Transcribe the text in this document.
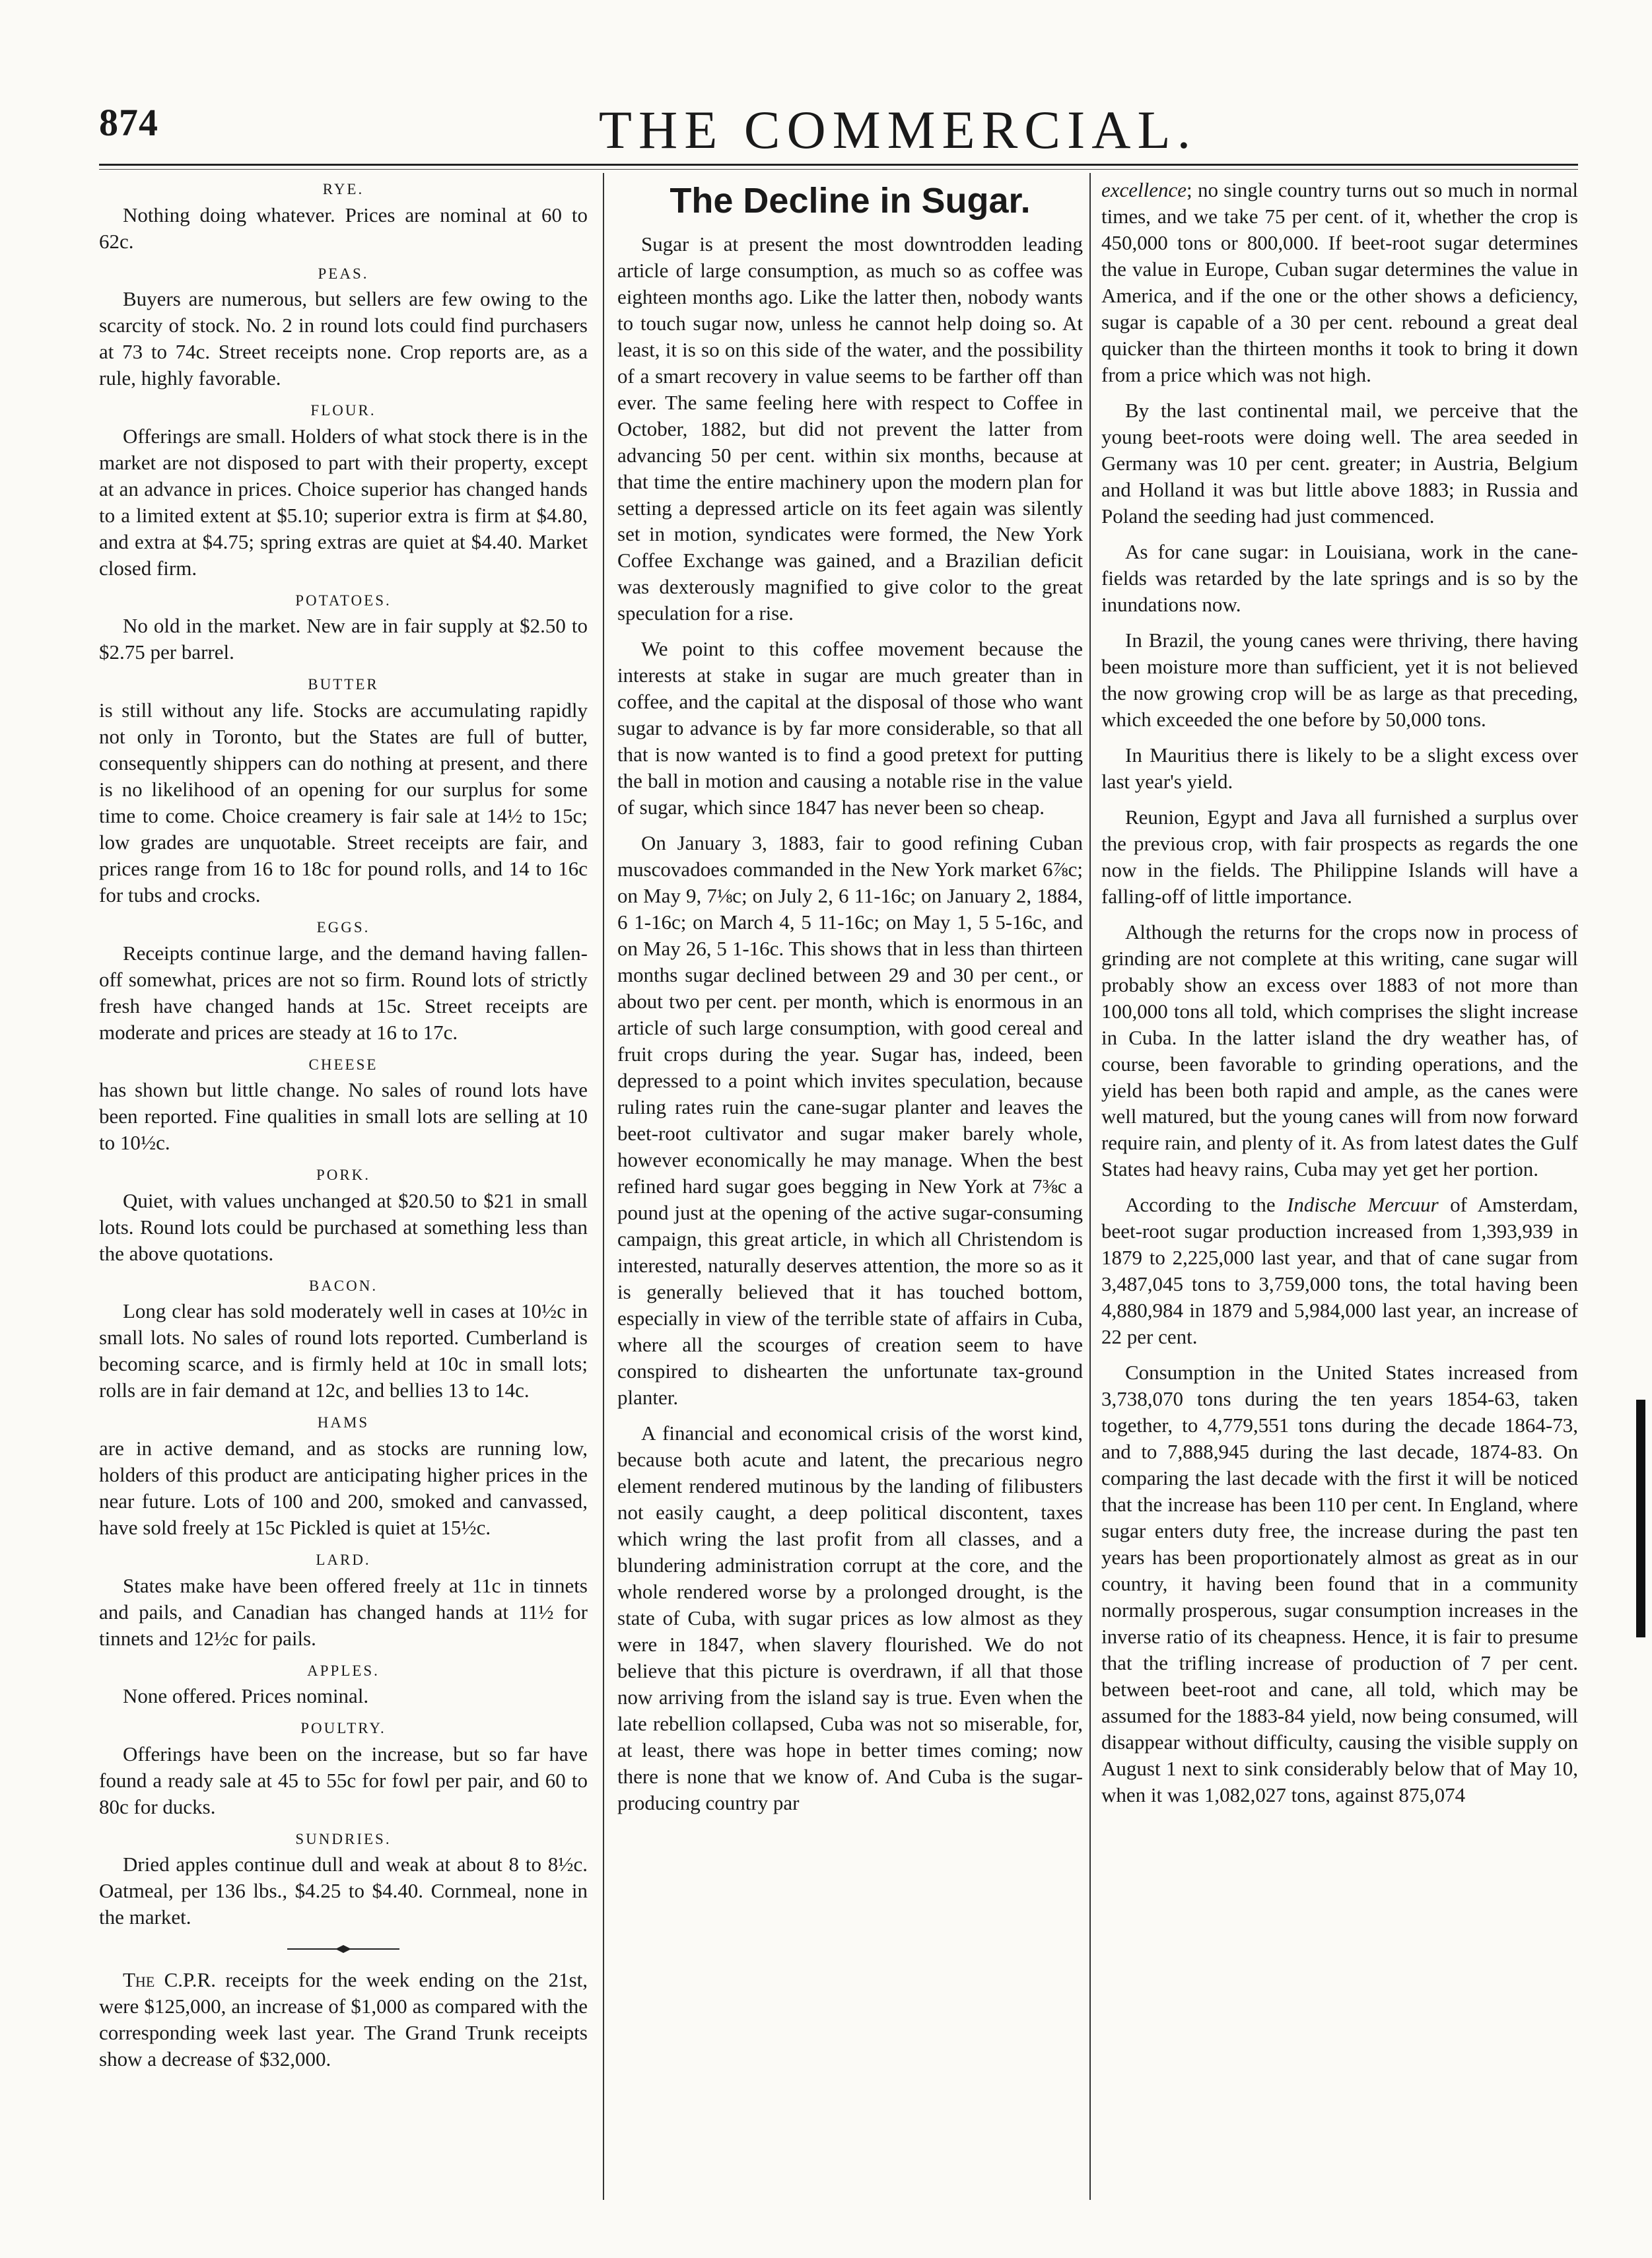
874	THE COMMERCIAL.
RYE.

Nothing doing whatever. Prices are nominal at 60 to 62c.

PEAS.

Buyers are numerous, but sellers are few owing to the scarcity of stock. No. 2 in round lots could find purchasers at 73 to 74c. Street receipts none. Crop reports are, as a rule, highly favorable.

FLOUR.

Offerings are small. Holders of what stock there is in the market are not disposed to part with their property, except at an advance in prices. Choice superior has changed hands to a limited extent at $5.10; superior extra is firm at $4.80, and extra at $4.75; spring extras are quiet at $4.40. Market closed firm.

POTATOES.

No old in the market. New are in fair supply at $2.50 to $2.75 per barrel.

BUTTER

is still without any life. Stocks are accumulating rapidly not only in Toronto, but the States are full of butter, consequently shippers can do nothing at present, and there is no likelihood of an opening for our surplus for some time to come. Choice creamery is fair sale at 14½ to 15c; low grades are unquotable. Street receipts are fair, and prices range from 16 to 18c for pound rolls, and 14 to 16c for tubs and crocks.

EGGS.

Receipts continue large, and the demand having fallen-off somewhat, prices are not so firm. Round lots of strictly fresh have changed hands at 15c. Street receipts are moderate and prices are steady at 16 to 17c.

CHEESE

has shown but little change. No sales of round lots have been reported. Fine qualities in small lots are selling at 10 to 10½c.

PORK.

Quiet, with values unchanged at $20.50 to $21 in small lots. Round lots could be purchased at something less than the above quotations.

BACON.

Long clear has sold moderately well in cases at 10½c in small lots. No sales of round lots reported. Cumberland is becoming scarce, and is firmly held at 10c in small lots; rolls are in fair demand at 12c, and bellies 13 to 14c.

HAMS

are in active demand, and as stocks are running low, holders of this product are anticipating higher prices in the near future. Lots of 100 and 200, smoked and canvassed, have sold freely at 15c Pickled is quiet at 15½c.

LARD.

States make have been offered freely at 11c in tinnets and pails, and Canadian has changed hands at 11½ for tinnets and 12½c for pails.

APPLES.

None offered. Prices nominal.

POULTRY.

Offerings have been on the increase, but so far have found a ready sale at 45 to 55c for fowl per pair, and 60 to 80c for ducks.

SUNDRIES.

Dried apples continue dull and weak at about 8 to 8½c. Oatmeal, per 136 lbs., $4.25 to $4.40. Cornmeal, none in the market.

The C.P.R. receipts for the week ending on the 21st, were $125,000, an increase of $1,000 as compared with the corresponding week last year. The Grand Trunk receipts show a decrease of $32,000.

The Decline in Sugar.

Sugar is at present the most downtrodden leading article of large consumption, as much so as coffee was eighteen months ago. Like the latter then, nobody wants to touch sugar now, unless he cannot help doing so. At least, it is so on this side of the water, and the possibility of a smart recovery in value seems to be farther off than ever. The same feeling here with respect to Coffee in October, 1882, but did not prevent the latter from advancing 50 per cent. within six months, because at that time the entire machinery upon the modern plan for setting a depressed article on its feet again was silently set in motion, syndicates were formed, the New York Coffee Exchange was gained, and a Brazilian deficit was dexterously magnified to give color to the great speculation for a rise.

We point to this coffee movement because the interests at stake in sugar are much greater than in coffee, and the capital at the disposal of those who want sugar to advance is by far more considerable, so that all that is now wanted is to find a good pretext for putting the ball in motion and causing a notable rise in the value of sugar, which since 1847 has never been so cheap.

On January 3, 1883, fair to good refining Cuban muscovadoes commanded in the New York market 6⅞c; on May 9, 7⅛c; on July 2, 6 11-16c; on January 2, 1884, 6 1-16c; on March 4, 5 11-16c; on May 1, 5 5-16c, and on May 26, 5 1-16c. This shows that in less than thirteen months sugar declined between 29 and 30 per cent., or about two per cent. per month, which is enormous in an article of such large consumption, with good cereal and fruit crops during the year. Sugar has, indeed, been depressed to a point which invites speculation, because ruling rates ruin the cane-sugar planter and leaves the beet-root cultivator and sugar maker barely whole, however economically he may manage. When the best refined hard sugar goes begging in New York at 7⅜c a pound just at the opening of the active sugar-consuming campaign, this great article, in which all Christendom is interested, naturally deserves attention, the more so as it is generally believed that it has touched bottom, especially in view of the terrible state of affairs in Cuba, where all the scourges of creation seem to have conspired to dishearten the unfortunate tax-ground planter.

A financial and economical crisis of the worst kind, because both acute and latent, the precarious negro element rendered mutinous by the landing of filibusters not easily caught, a deep political discontent, taxes which wring the last profit from all classes, and a blundering administration corrupt at the core, and the whole rendered worse by a prolonged drought, is the state of Cuba, with sugar prices as low almost as they were in 1847, when slavery flourished. We do not believe that this picture is overdrawn, if all that those now arriving from the island say is true. Even when the late rebellion collapsed, Cuba was not so miserable, for, at least, there was hope in better times coming; now there is none that we know of. And Cuba is the sugar-producing country par

excellence; no single country turns out so much in normal times, and we take 75 per cent. of it, whether the crop is 450,000 tons or 800,000. If beet-root sugar determines the value in Europe, Cuban sugar determines the value in America, and if the one or the other shows a deficiency, sugar is capable of a 30 per cent. rebound a great deal quicker than the thirteen months it took to bring it down from a price which was not high.

By the last continental mail, we perceive that the young beet-roots were doing well. The area seeded in Germany was 10 per cent. greater; in Austria, Belgium and Holland it was but little above 1883; in Russia and Poland the seeding had just commenced.

As for cane sugar: in Louisiana, work in the cane-fields was retarded by the late springs and is so by the inundations now.

In Brazil, the young canes were thriving, there having been moisture more than sufficient, yet it is not believed the now growing crop will be as large as that preceding, which exceeded the one before by 50,000 tons.

In Mauritius there is likely to be a slight excess over last year's yield.

Reunion, Egypt and Java all furnished a surplus over the previous crop, with fair prospects as regards the one now in the fields. The Philippine Islands will have a falling-off of little importance.

Although the returns for the crops now in process of grinding are not complete at this writing, cane sugar will probably show an excess over 1883 of not more than 100,000 tons all told, which comprises the slight increase in Cuba. In the latter island the dry weather has, of course, been favorable to grinding operations, and the yield has been both rapid and ample, as the canes were well matured, but the young canes will from now forward require rain, and plenty of it. As from latest dates the Gulf States had heavy rains, Cuba may yet get her portion.

According to the Indische Mercuur of Amsterdam, beet-root sugar production increased from 1,393,939 in 1879 to 2,225,000 last year, and that of cane sugar from 3,487,045 tons to 3,759,000 tons, the total having been 4,880,984 in 1879 and 5,984,000 last year, an increase of 22 per cent.

Consumption in the United States increased from 3,738,070 tons during the ten years 1854-63, taken together, to 4,779,551 tons during the decade 1864-73, and to 7,888,945 during the last decade, 1874-83. On comparing the last decade with the first it will be noticed that the increase has been 110 per cent. In England, where sugar enters duty free, the increase during the past ten years has been proportionately almost as great as in our country, it having been found that in a community normally prosperous, sugar consumption increases in the inverse ratio of its cheapness. Hence, it is fair to presume that the trifling increase of production of 7 per cent. between beet-root and cane, all told, which may be assumed for the 1883-84 yield, now being consumed, will disappear without difficulty, causing the visible supply on August 1 next to sink considerably below that of May 10, when it was 1,082,027 tons, against 875,074
